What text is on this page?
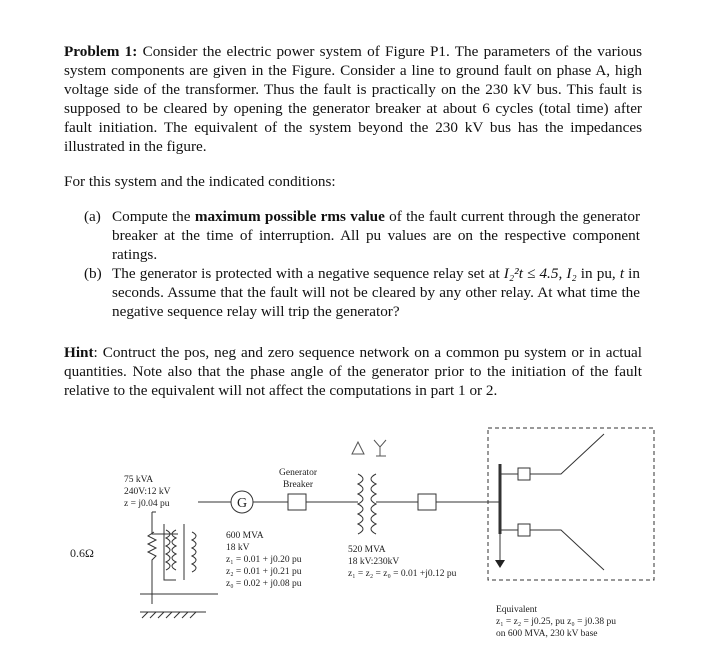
Problem 1: Consider the electric power system of Figure P1. The parameters of the various system components are given in the Figure. Consider a line to ground fault on phase A, high voltage side of the transformer. Thus the fault is practically on the 230 kV bus. This fault is supposed to be cleared by opening the generator breaker at about 6 cycles (total time) after fault initiation. The equivalent of the system beyond the 230 kV bus has the impedances illustrated in the figure.

For this system and the indicated conditions:

(a) Compute the maximum possible rms value of the fault current through the generator breaker at the time of interruption. All pu values are on the respective component ratings.
(b) The generator is protected with a negative sequence relay set at I₂²t ≤ 4.5, I₂ in pu, t in seconds. Assume that the fault will not be cleared by any other relay. At what time the negative sequence relay will trip the generator?

Hint: Contruct the pos, neg and zero sequence network on a common pu system or in actual quantities. Note also that the phase angle of the generator prior to the initiation of the fault relative to the equivalent will not affect the computations in part 1 or 2.

G
75 kVA
240V:12 kV
z = j0.04 pu
0.6Ω
Generator
Breaker
600 MVA
18 kV
z₁ = 0.01 + j0.20 pu
z₂ = 0.01 + j0.21 pu
z₀ = 0.02 + j0.08 pu
520 MVA
18 kV:230kV
z₁ = z₂ = z₀ = 0.01 +j0.12 pu
Equivalent
z₁ = z₂ = j0.25, pu z₀ = j0.38 pu
on 600 MVA, 230 kV base
